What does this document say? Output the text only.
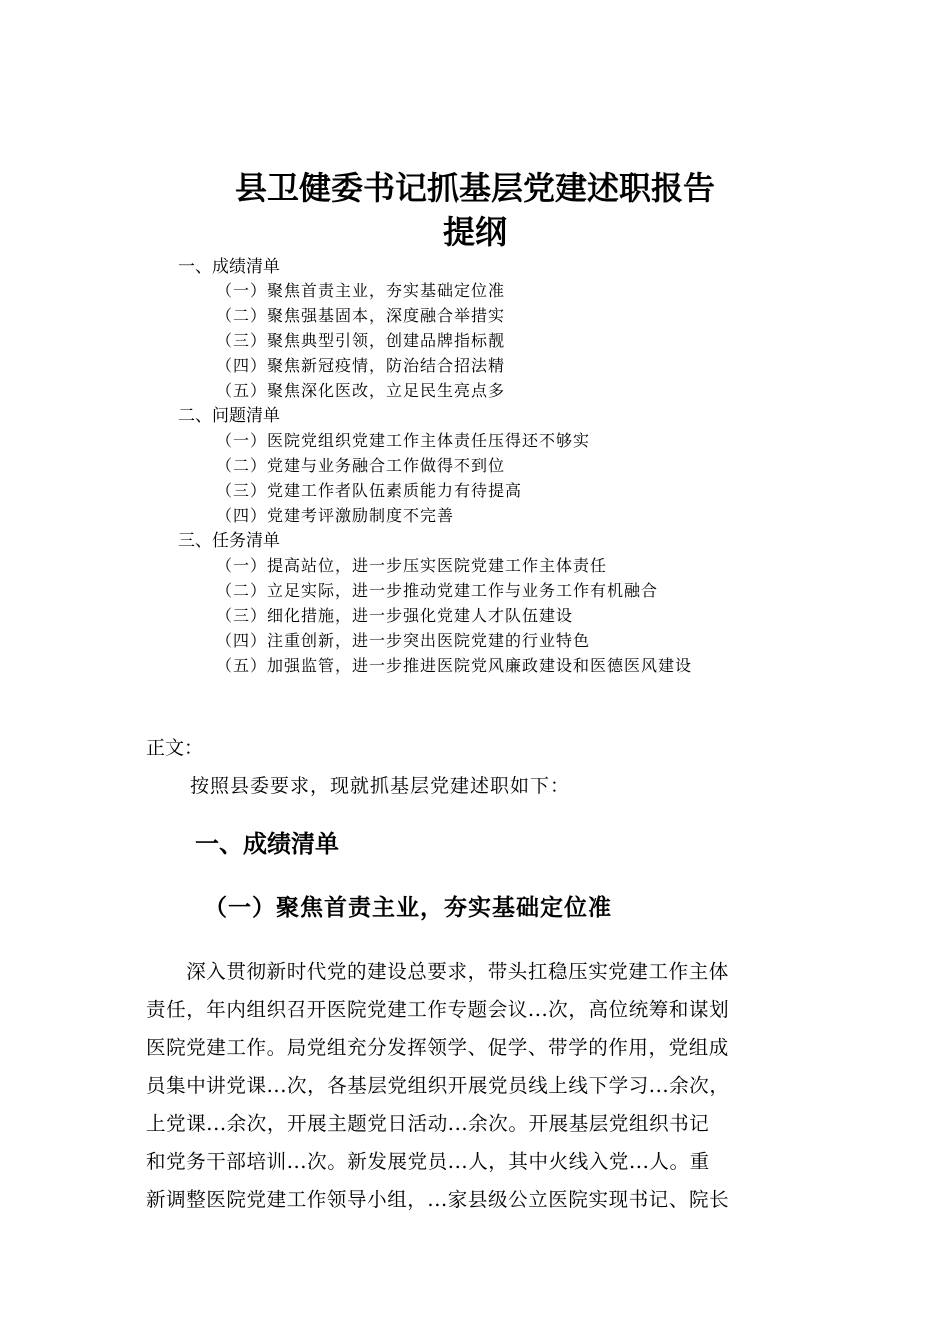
县卫健委书记抓基层党建述职报告
提纲
一、成绩清单
（一）聚焦首责主业，夯实基础定位准
（二）聚焦强基固本，深度融合举措实
（三）聚焦典型引领，创建品牌指标靓
（四）聚焦新冠疫情，防治结合招法精
（五）聚焦深化医改，立足民生亮点多
二、问题清单
（一）医院党组织党建工作主体责任压得还不够实
（二）党建与业务融合工作做得不到位
（三）党建工作者队伍素质能力有待提高
（四）党建考评激励制度不完善
三、任务清单
（一）提高站位，进一步压实医院党建工作主体责任
（二）立足实际，进一步推动党建工作与业务工作有机融合
（三）细化措施，进一步强化党建人才队伍建设
（四）注重创新，进一步突出医院党建的行业特色
（五）加强监管，进一步推进医院党风廉政建设和医德医风建设
正文：
按照县委要求，现就抓基层党建述职如下：
一、成绩清单
（一）聚焦首责主业，夯实基础定位准
　　深入贯彻新时代党的建设总要求，带头扛稳压实党建工作主体
责任，年内组织召开医院党建工作专题会议...次，高位统筹和谋划
医院党建工作。局党组充分发挥领学、促学、带学的作用，党组成
员集中讲党课...次，各基层党组织开展党员线上线下学习...余次，
上党课...余次，开展主题党日活动...余次。开展基层党组织书记
和党务干部培训...次。新发展党员...人，其中火线入党...人。重
新调整医院党建工作领导小组，...家县级公立医院实现书记、院长
